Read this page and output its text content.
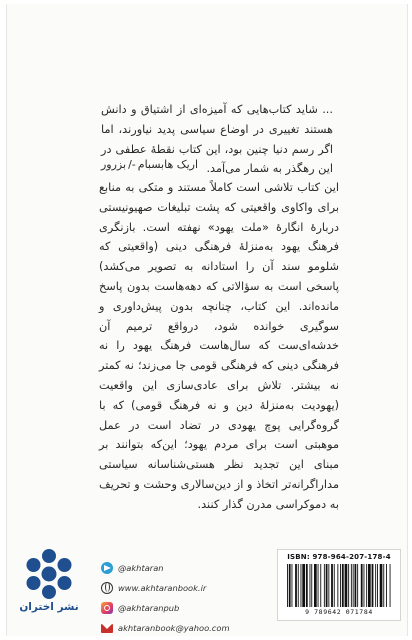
... شاید کتاب‌هایی که آمیزه‌ای از اشتیاق و دانش هستند تغییری در اوضاع سیاسی پدید نیاورند، اما اگر رسم دنیا چنین بود، این کتاب نقطهٔ عطفی در این رهگذر به شمار می‌آمد.
اریک هابسبام-/بزرور
این کتاب تلاشی است کاملاً مستند و متکی به منابع برای واکاوی واقعیتی که پشت تبلیغات صهیونیستی دربارهٔ انگارهٔ «ملت یهود» نهفته است. بازنگری فرهنگ یهود به‌منزلهٔ فرهنگی دینی (واقعیتی که شلومو سند آن را استادانه به تصویر می‌کشد) پاسخی است به سؤالاتی که دهه‌هاست بدون پاسخ مانده‌اند. این کتاب، چنانچه بدون پیش‌داوری و سوگیری خوانده شود، درواقع ترمیم آن خدشه‌ای‌ست که سال‌هاست فرهنگ یهود را نه فرهنگی دینی که فرهنگی قومی جا می‌زند؛ نه کمتر نه بیشتر. تلاش برای عادی‌سازی این واقعیت (یهودیت به‌منزلهٔ دین و نه فرهنگ قومی) که با گروه‌گرایی پوچ یهودی در تضاد است در عمل موهبتی است برای مردم یهود؛ این‌که بتوانند بر مبنای این تجدید نظر هستی‌شناسانه سیاستی مداراگرانه‌تر اتخاذ و از دین‌سالاری وحشت و تحریف به دموکراسی مدرن گذار کنند.
نشر اختران
@akhtaran
www.akhtaranbook.ir
@akhtaranpub
akhtaranbook@yahoo.com
ISBN: 978-964-207-178-4
9 789642 071784
